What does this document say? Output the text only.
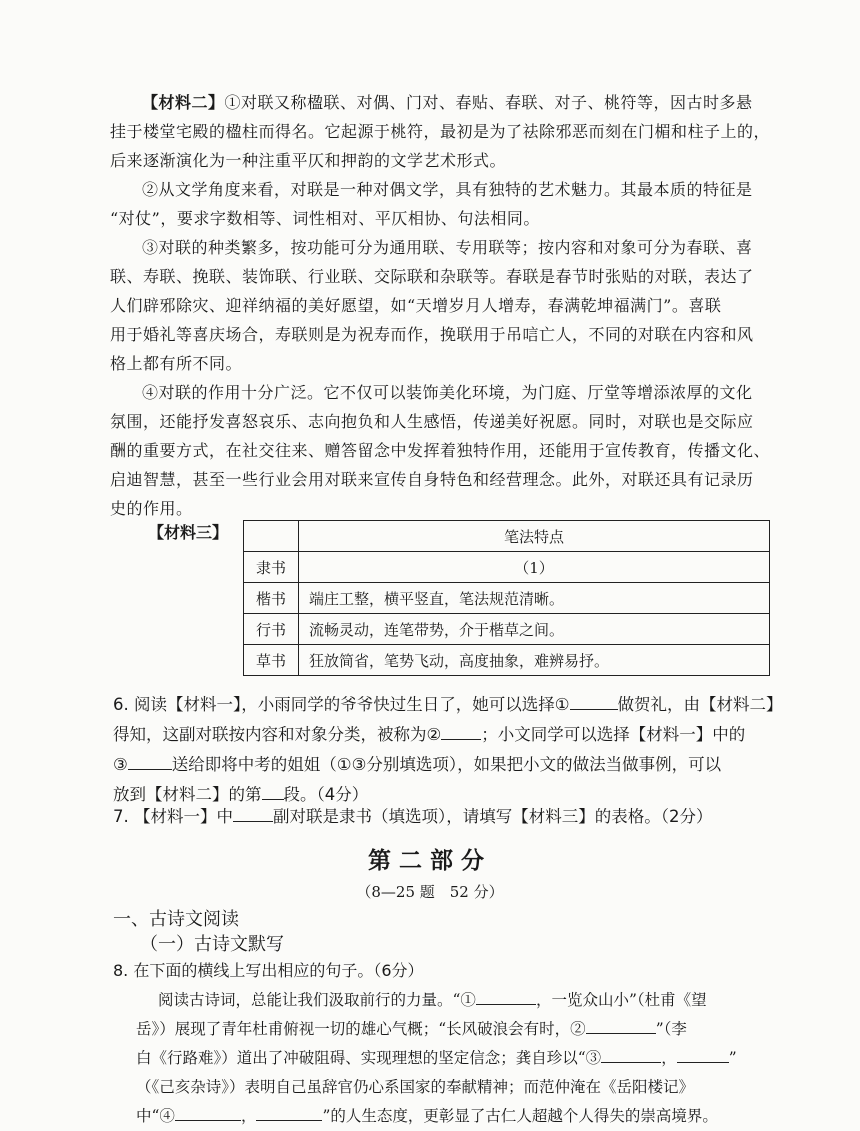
【材料二】①对联又称楹联、对偶、门对、春贴、春联、对子、桃符等，因古时多悬
挂于楼堂宅殿的楹柱而得名。它起源于桃符，最初是为了祛除邪恶而刻在门楣和柱子上的，
后来逐渐演化为一种注重平仄和押韵的文学艺术形式。
②从文学角度来看，对联是一种对偶文学，具有独特的艺术魅力。其最本质的特征是
“对仗”，要求字数相等、词性相对、平仄相协、句法相同。
③对联的种类繁多，按功能可分为通用联、专用联等；按内容和对象可分为春联、喜
联、寿联、挽联、装饰联、行业联、交际联和杂联等。春联是春节时张贴的对联，表达了
人们辟邪除灾、迎祥纳福的美好愿望，如“天增岁月人增寿，春满乾坤福满门”。喜联
用于婚礼等喜庆场合，寿联则是为祝寿而作，挽联用于吊唁亡人，不同的对联在内容和风
格上都有所不同。
④对联的作用十分广泛。它不仅可以装饰美化环境，为门庭、厅堂等增添浓厚的文化
氛围，还能抒发喜怒哀乐、志向抱负和人生感悟，传递美好祝愿。同时，对联也是交际应
酬的重要方式，在社交往来、赠答留念中发挥着独特作用，还能用于宣传教育，传播文化、
启迪智慧，甚至一些行业会用对联来宣传自身特色和经营理念。此外，对联还具有记录历
史的作用。
【材料三】
		笔法特点
隶书	（1）
楷书	端庄工整，横平竖直，笔法规范清晰。
行书	流畅灵动，连笔带势，介于楷草之间。
草书	狂放简省，笔势飞动，高度抽象，难辨易抒。
6. 阅读【材料一】，小雨同学的爷爷快过生日了，她可以选择①	做贺礼，由【材料二】
得知，这副对联按内容和对象分类，被称为② ；小文同学可以选择【材料一】中的
③	送给即将中考的姐姐（①③分别填选项），如果把小文的做法当做事例，可以
放到【材料二】的第 段。（4分）
7. 【材料一】中 副对联是隶书（填选项），请填写【材料三】的表格。（2分）
第二部分
（8—25 题　52 分）
一、古诗文阅读
（一）古诗文默写
8. 在下面的横线上写出相应的句子。（6分）
阅读古诗词，总能让我们汲取前行的力量。“①	，一览众山小”（杜甫《望
岳》）展现了青年杜甫俯视一切的雄心气概；“长风破浪会有时，②	”（李
白《行路难》）道出了冲破阻碍、实现理想的坚定信念；龚自珍以“③	，	”
（《己亥杂诗》）表明自己虽辞官仍心系国家的奉献精神；而范仲淹在《岳阳楼记》
中“④	，	”的人生态度，更彰显了古仁人超越个人得失的崇高境界。
